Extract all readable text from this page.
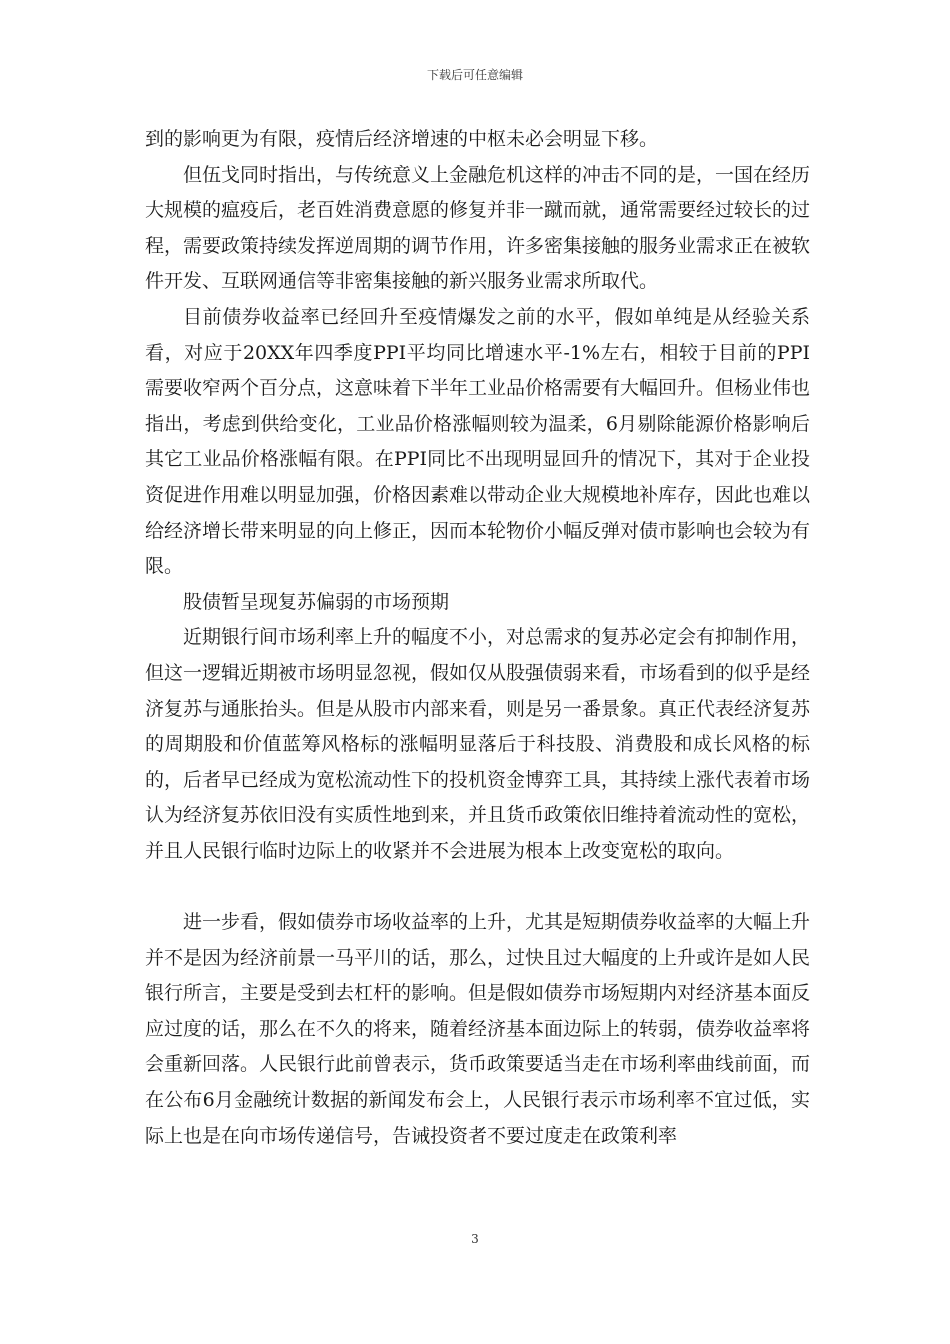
下载后可任意编辑

到的影响更为有限，疫情后经济增速的中枢未必会明显下移。

但伍戈同时指出，与传统意义上金融危机这样的冲击不同的是，一国在经历大规模的瘟疫后，老百姓消费意愿的修复并非一蹴而就，通常需要经过较长的过程，需要政策持续发挥逆周期的调节作用，许多密集接触的服务业需求正在被软件开发、互联网通信等非密集接触的新兴服务业需求所取代。

目前债券收益率已经回升至疫情爆发之前的水平，假如单纯是从经验关系看，对应于20XX年四季度PPI平均同比增速水平-1%左右，相较于目前的PPI需要收窄两个百分点，这意味着下半年工业品价格需要有大幅回升。但杨业伟也指出，考虑到供给变化，工业品价格涨幅则较为温柔，6月剔除能源价格影响后其它工业品价格涨幅有限。在PPI同比不出现明显回升的情况下，其对于企业投资促进作用难以明显加强，价格因素难以带动企业大规模地补库存，因此也难以给经济增长带来明显的向上修正，因而本轮物价小幅反弹对债市影响也会较为有限。

股债暂呈现复苏偏弱的市场预期

近期银行间市场利率上升的幅度不小，对总需求的复苏必定会有抑制作用，但这一逻辑近期被市场明显忽视，假如仅从股强债弱来看，市场看到的似乎是经济复苏与通胀抬头。但是从股市内部来看，则是另一番景象。真正代表经济复苏的周期股和价值蓝筹风格标的涨幅明显落后于科技股、消费股和成长风格的标的，后者早已经成为宽松流动性下的投机资金博弈工具，其持续上涨代表着市场认为经济复苏依旧没有实质性地到来，并且货币政策依旧维持着流动性的宽松，并且人民银行临时边际上的收紧并不会进展为根本上改变宽松的取向。

进一步看，假如债券市场收益率的上升，尤其是短期债券收益率的大幅上升并不是因为经济前景一马平川的话，那么，过快且过大幅度的上升或许是如人民银行所言，主要是受到去杠杆的影响。但是假如债券市场短期内对经济基本面反应过度的话，那么在不久的将来，随着经济基本面边际上的转弱，债券收益率将会重新回落。人民银行此前曾表示，货币政策要适当走在市场利率曲线前面，而在公布6月金融统计数据的新闻发布会上，人民银行表示市场利率不宜过低，实际上也是在向市场传递信号，告诫投资者不要过度走在政策利率

3
